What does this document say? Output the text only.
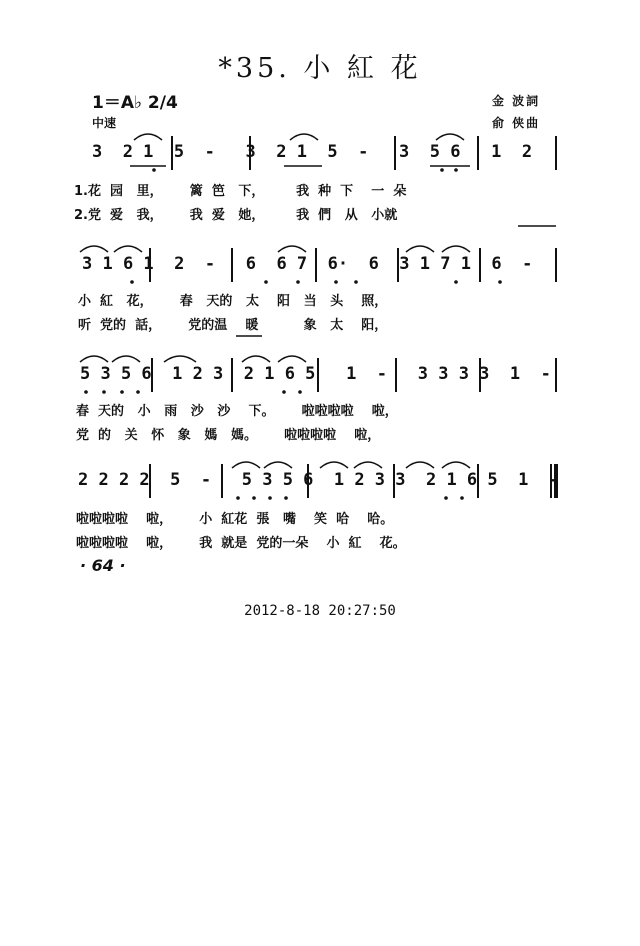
*35. 小 紅 花
1＝A♭ 2/4
中速
金 波詞
俞 侠曲
3  2 1  5  -   3  2 1  5  -   3  5 6   1  2
1.花  园   里，      篱  笆   下，       我  种  下    一  朵
2.党  爱   我，      我  爱   她，       我  們   从   小就
3 1 6 1  2  -   6  6 7  6·  6  3 1 7 1  6  -
小  紅   花，      春   天的   太    阳   当   头    照，
听  党的  話，      党的温    暖          象   太    阳，
5 3 5 6  1 2 3  2 1 6 5   1  -   3 3 3 3  1  -
春  天的   小   雨   沙   沙    下。      啦啦啦啦    啦，
党  的   关   怀   象   媽   媽。      啦啦啦啦    啦，
2 2 2 2  5  -   5 3 5 6  1 2 3 3  2 1 6 5  1  -
啦啦啦啦    啦，      小  紅花  張   嘴    笑  哈    哈。
啦啦啦啦    啦，      我  就是  党的一朵    小  紅    花。
· 64 ·
2012-8-18 20:27:50
